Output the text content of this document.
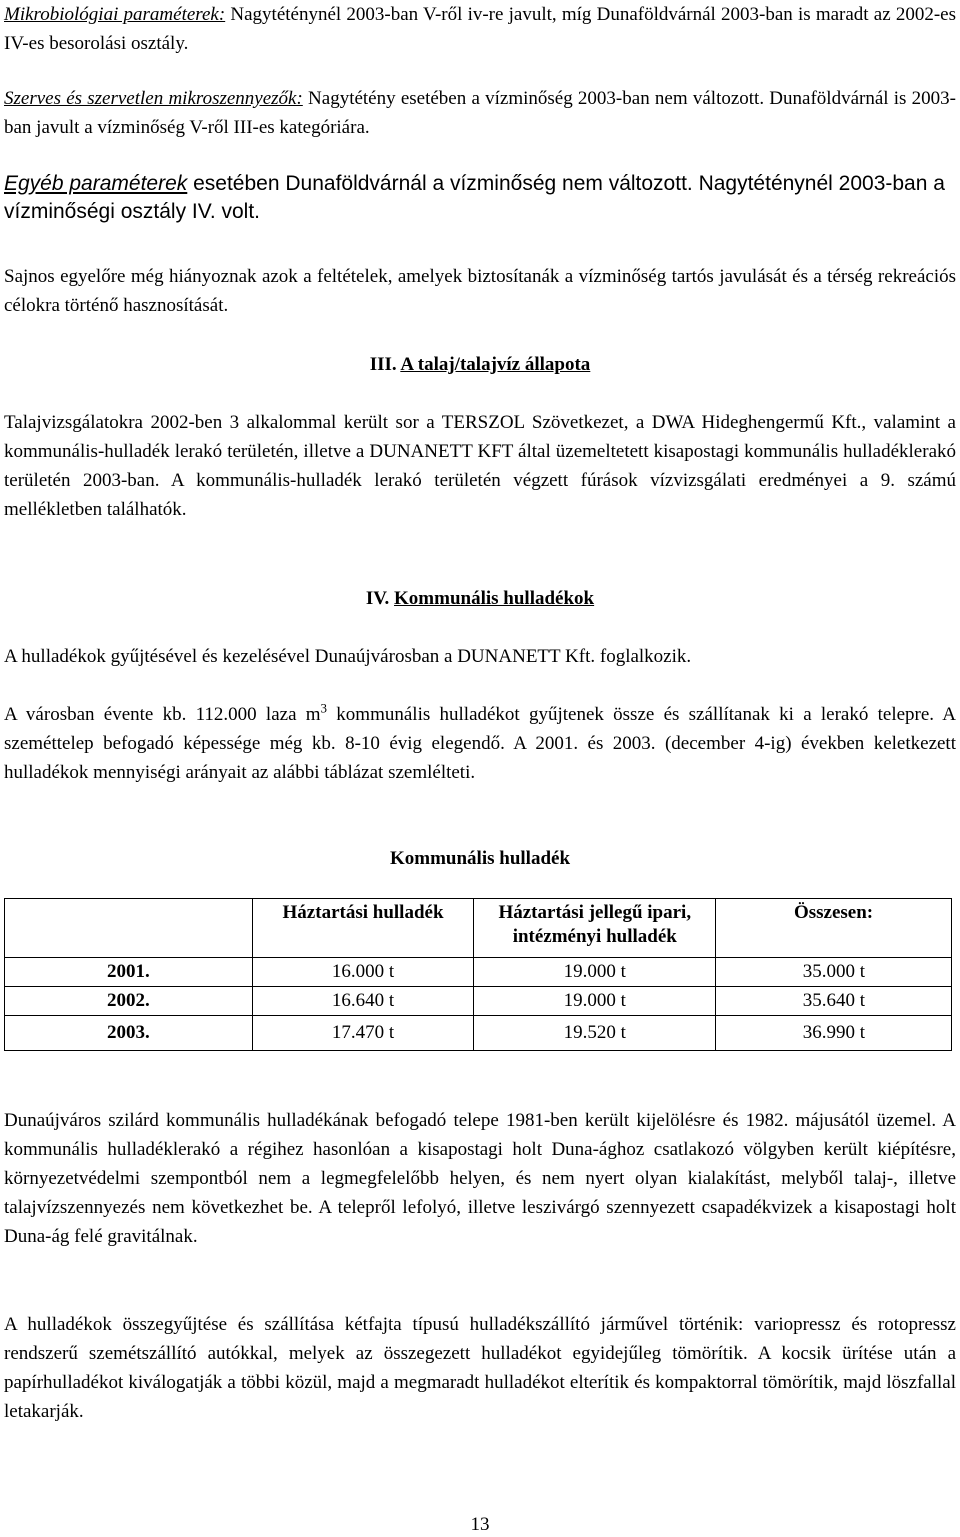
Mikrobiológiai paraméterek: Nagytéténynél 2003-ban V-ről iv-re javult, míg Dunaföldvárnál 2003-ban is maradt az 2002-es IV-es besorolási osztály.

Szerves és szervetlen mikroszennyezők: Nagytétény esetében a vízminőség 2003-ban nem változott. Dunaföldvárnál is 2003-ban javult a vízminőség V-ről III-es kategóriára.

Egyéb paraméterek esetében Dunaföldvárnál a vízminőség nem változott. Nagytéténynél 2003-ban a vízminőségi osztály IV. volt.

Sajnos egyelőre még hiányoznak azok a feltételek, amelyek biztosítanák a vízminőség tartós javulását és a térség rekreációs célokra történő hasznosítását.

III. A talaj/talajvíz állapota

Talajvizsgálatokra 2002-ben 3 alkalommal került sor a TERSZOL Szövetkezet, a DWA Hideghengermű Kft., valamint a kommunális-hulladék lerakó területén, illetve a DUNANETT KFT által üzemeltetett kisapostagi kommunális hulladéklerakó területén 2003-ban. A kommunális-hulladék lerakó területén végzett fúrások vízvizsgálati eredményei a 9. számú mellékletben találhatók.

IV. Kommunális hulladékok

A hulladékok gyűjtésével és kezelésével Dunaújvárosban a DUNANETT Kft. foglalkozik.

A városban évente kb. 112.000 laza $m^3$ kommunális hulladékot gyűjtenek össze és szállítanak ki a lerakó telepre. A szeméttelep befogadó képessége még kb. 8-10 évig elegendő. A 2001. és 2003. (december 4-ig) években keletkezett hulladékok mennyiségi arányait az alábbi táblázat szemlélteti.

Kommunális hulladék

	Háztartási hulladék	Háztartási jellegű ipari, intézményi hulladék	Összesen:
2001.	16.000 t	19.000 t	35.000 t
2002.	16.640 t	19.000 t	35.640 t
2003.	17.470 t	19.520 t	36.990 t

Dunaújváros szilárd kommunális hulladékának befogadó telepe 1981-ben került kijelölésre és 1982. májusától üzemel. A kommunális hulladéklerakó a régihez hasonlóan a kisapostagi holt Duna-ághoz csatlakozó völgyben került kiépítésre, környezetvédelmi szempontból nem a legmegfelelőbb helyen, és nem nyert olyan kialakítást, melyből talaj-, illetve talajvízszennyezés nem következhet be. A telepről lefolyó, illetve leszivárgó szennyezett csapadékvizek a kisapostagi holt Duna-ág felé gravitálnak.

A hulladékok összegyűjtése és szállítása kétfajta típusú hulladékszállító járművel történik: variopressz és rotopressz rendszerű szemétszállító autókkal, melyek az összegezett hulladékot egyidejűleg tömörítik. A kocsik ürítése után a papírhulladékot kiválogatják a többi közül, majd a megmaradt hulladékot elterítik és kompaktorral tömörítik, majd löszfallal letakarják.

13
